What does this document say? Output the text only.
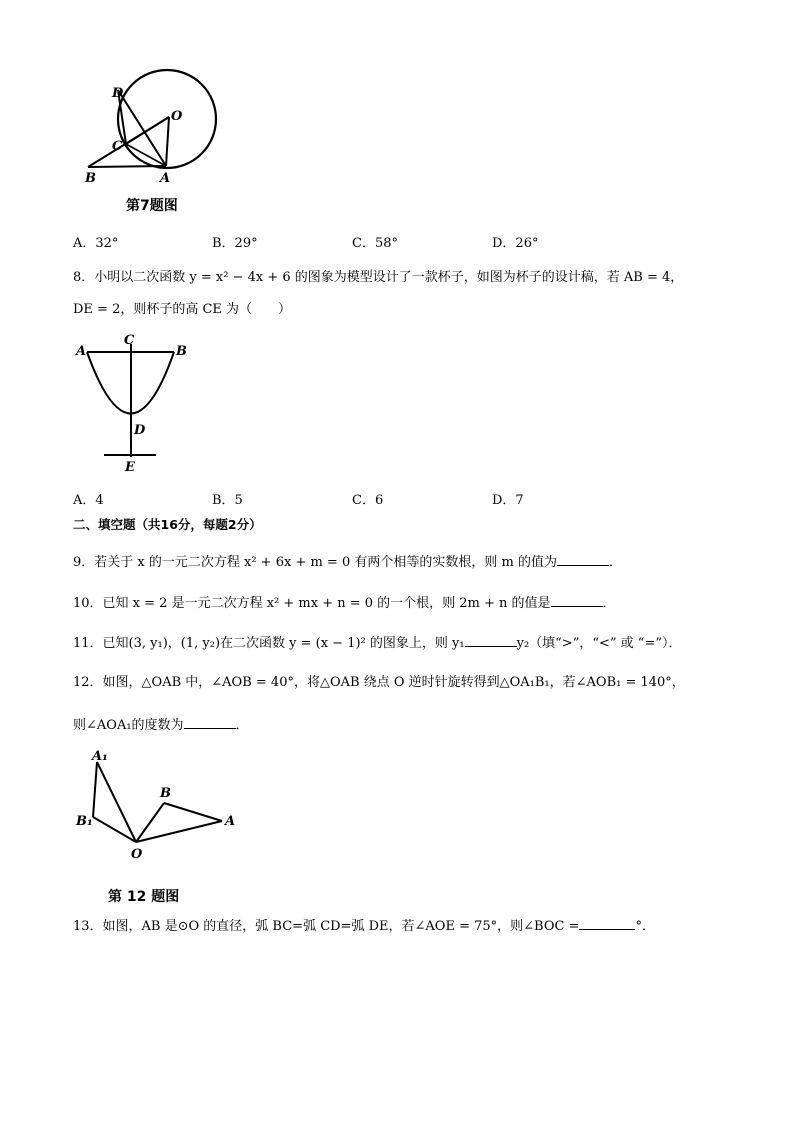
D
O
C
B	A
第7题图
A．32°	B．29°	C．58°	D．26°
8．小明以二次函数 y = x² − 4x + 6 的图象为模型设计了一款杯子，如图为杯子的设计稿，若 AB = 4，
DE = 2，则杯子的高 CE 为（　　）
A
C
B
D
E
A．4	B．5	C．6	D．7
二、填空题（共16分，每题2分）
9．若关于 x 的一元二次方程 x² + 6x + m = 0 有两个相等的实数根，则 m 的值为	．
10．已知 x = 2 是一元二次方程 x² + mx + n = 0 的一个根，则 2m + n 的值是	．
11．已知(3, y₁)，(1, y₂)在二次函数 y = (x − 1)² 的图象上，则 y₁	y₂（填“>”，“<” 或 “=”）．
12．如图，△OAB 中，∠AOB = 40°，将△OAB 绕点 O 逆时针旋转得到△OA₁B₁，若∠AOB₁ = 140°，
则∠AOA₁的度数为	．
A₁
B₁
B
A
O
第 12 题图
13．如图，AB 是⊙O 的直径，弧 BC=弧 CD=弧 DE，若∠AOE = 75°，则∠BOC =	°．
